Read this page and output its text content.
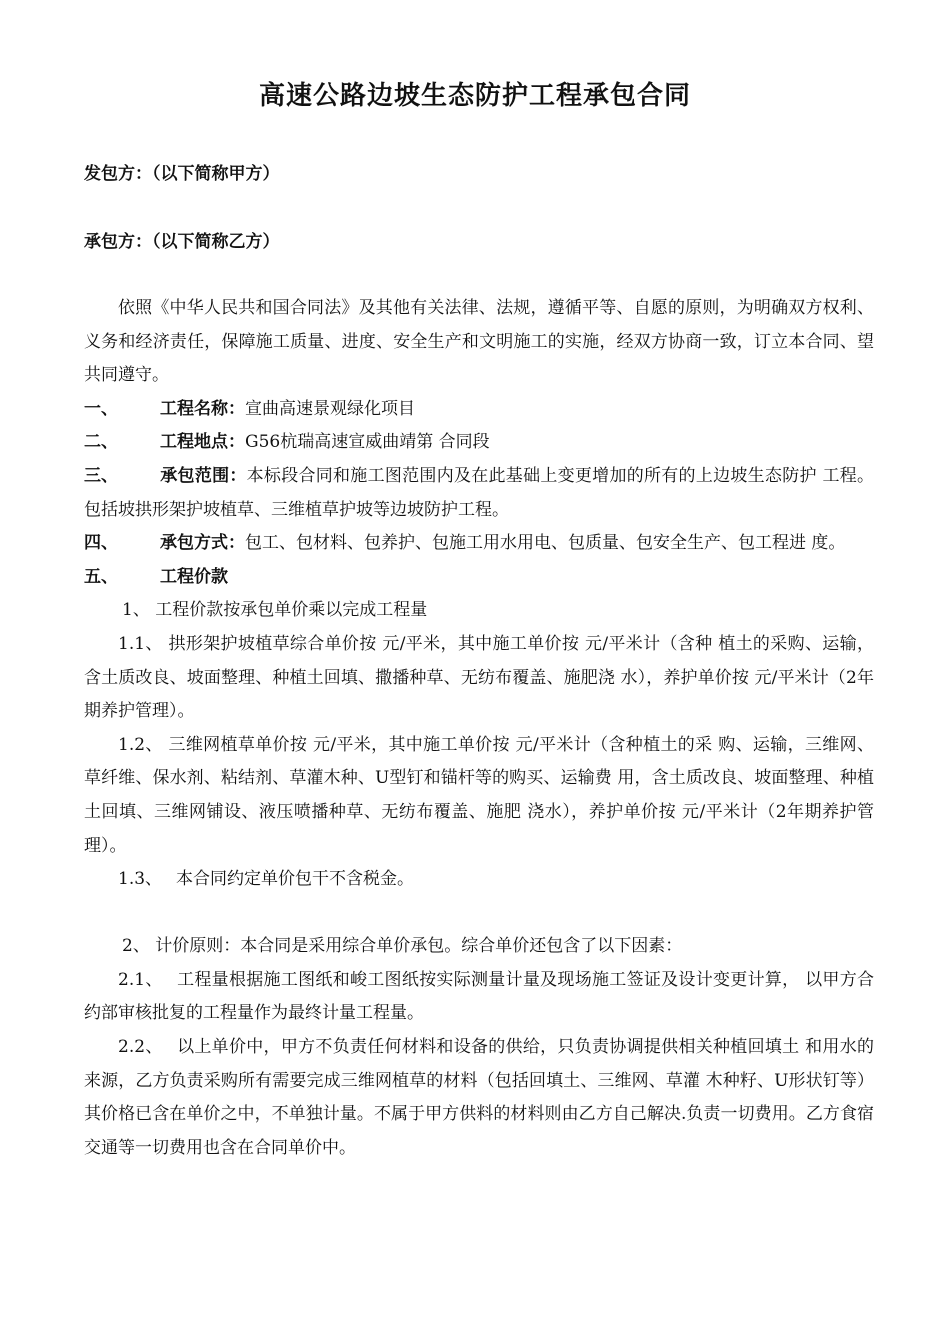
高速公路边坡生态防护工程承包合同
发包方：（以下简称甲方）
承包方：（以下简称乙方）

依照《中华人民共和国合同法》及其他有关法律、法规，遵循平等、自愿的原则，为明确双方权利、义务和经济责任，保障施工质量、进度、安全生产和文明施工的实施，经双方协商一致，订立本合同、望共同遵守。

一、 工程名称：宣曲高速景观绿化项目

二、 工程地点：G56杭瑞高速宣威曲靖第 合同段

三、 承包范围：本标段合同和施工图范围内及在此基础上变更增加的所有的上边坡生态防护 工程。包括坡拱形架护坡植草、三维植草护坡等边坡防护工程。

四、 承包方式：包工、包材料、包养护、包施工用水用电、包质量、包安全生产、包工程进 度。

五、 工程价款

1、 工程价款按承包单价乘以完成工程量

1.1、 拱形架护坡植草综合单价按 元/平米，其中施工单价按 元/平米计（含种 植土的采购、运输，含土质改良、坡面整理、种植土回填、撒播种草、无纺布覆盖、施肥浇 水），养护单价按 元/平米计（2年期养护管理）。

1.2、 三维网植草单价按 元/平米，其中施工单价按 元/平米计（含种植土的采 购、运输，三维网、草纤维、保水剂、粘结剂、草灌木种、U型钉和锚杆等的购买、运输费 用，含土质改良、坡面整理、种植土回填、三维网铺设、液压喷播种草、无纺布覆盖、施肥 浇水），养护单价按 元/平米计（2年期养护管理）。

1.3、　 本合同约定单价包干不含税金。

2、 计价原则：本合同是采用综合单价承包。综合单价还包含了以下因素：

2.1、　 工程量根据施工图纸和峻工图纸按实际测量计量及现场施工签证及设计变更计算， 以甲方合约部审核批复的工程量作为最终计量工程量。

2.2、　 以上单价中，甲方不负责任何材料和设备的供给，只负责协调提供相关种植回填土 和用水的来源，乙方负责采购所有需要完成三维网植草的材料（包括回填土、三维网、草灌 木种籽、U形状钉等）其价格已含在单价之中，不单独计量。不属于甲方供料的材料则由乙方自己解决.负责一切费用。乙方食宿交通等一切费用也含在合同单价中。
